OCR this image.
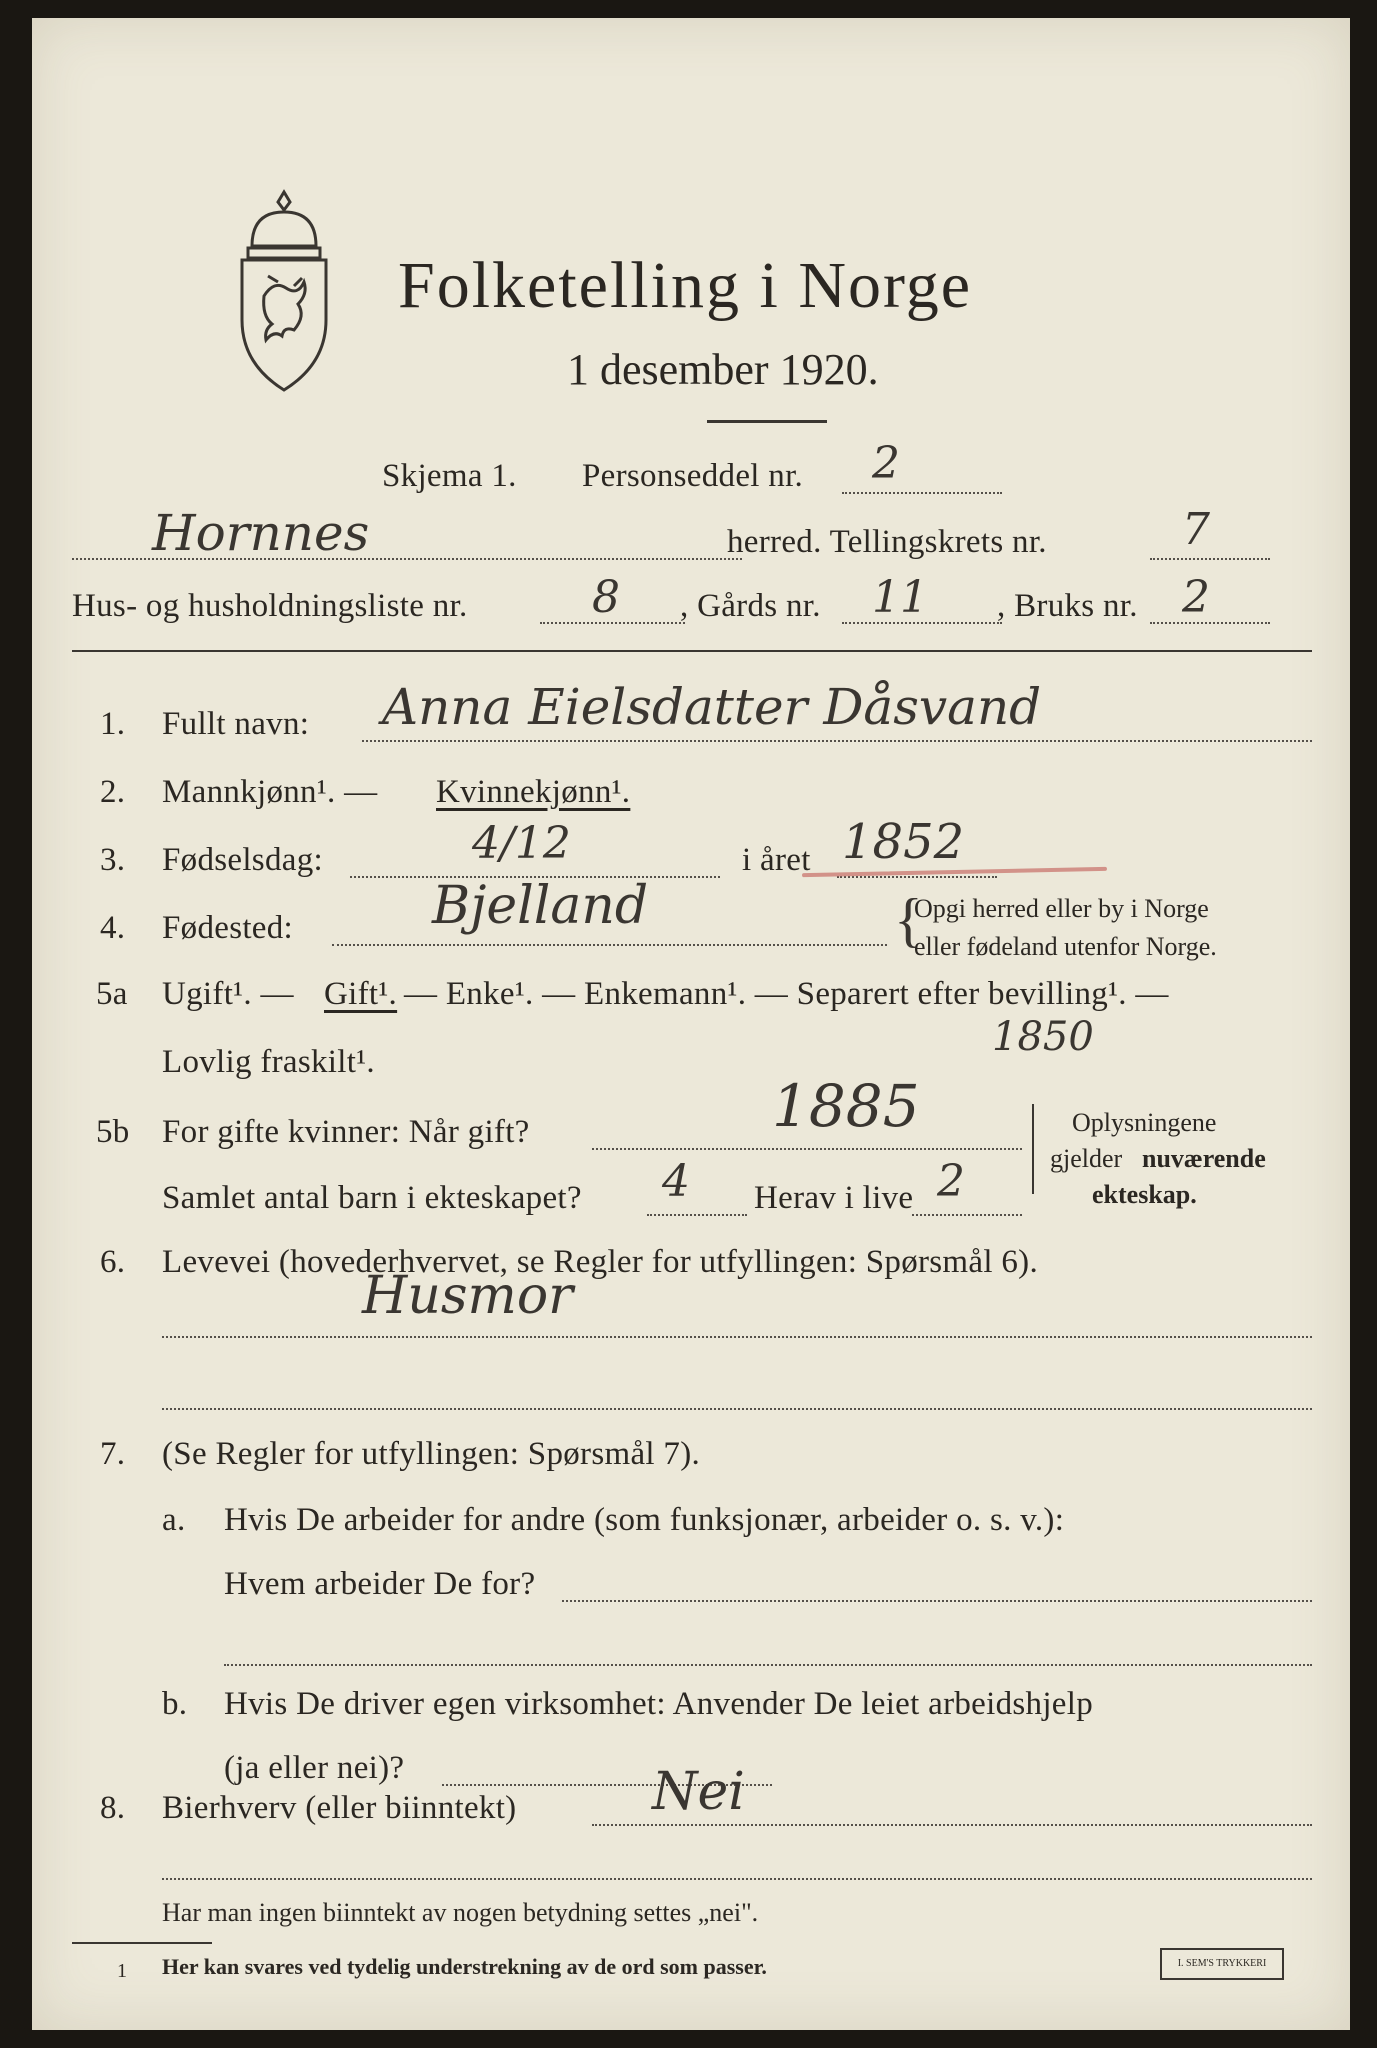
Folketelling i Norge
1 desember 1920.
Skjema 1. Personseddel nr. 2
Hornnes	herred. Tellingskrets nr.	7
Hus- og husholdningsliste nr.	8 , Gårds nr. 11 , Bruks nr. 2
1. Fullt navn: Anna Eielsdatter Dåsvand
2. Mannkjønn¹. — Kvinnekjønn¹.
3. Fødselsdag:	4/12	i året 1852
4. Fødested:	Bjelland	{
Opgi herred eller by i Norge
eller fødeland utenfor Norge.
5a Ugift¹. — Gift¹. — Enke¹. — Enkemann¹. — Separert efter bevilling¹. —
Lovlig fraskilt¹.
1850
5b For gifte kvinner: Når gift?	1885
Samlet antal barn i ekteskapet? 4 Herav i live 2
Oplysningene
gjelder nuværende
ekteskap.
6. Levevei (hovederhvervet, se Regler for utfyllingen: Spørsmål 6).
Husmor
7. (Se Regler for utfyllingen: Spørsmål 7).
a. Hvis De arbeider for andre (som funksjonær, arbeider o. s. v.):
Hvem arbeider De for?
b. Hvis De driver egen virksomhet: Anvender De leiet arbeidshjelp
(ja eller nei)?
8. Bierhverv (eller biinntekt)	Nei
Har man ingen biinntekt av nogen betydning settes „nei".
1 Her kan svares ved tydelig understrekning av de ord som passer.	I. SEM'S TRYKKERI
